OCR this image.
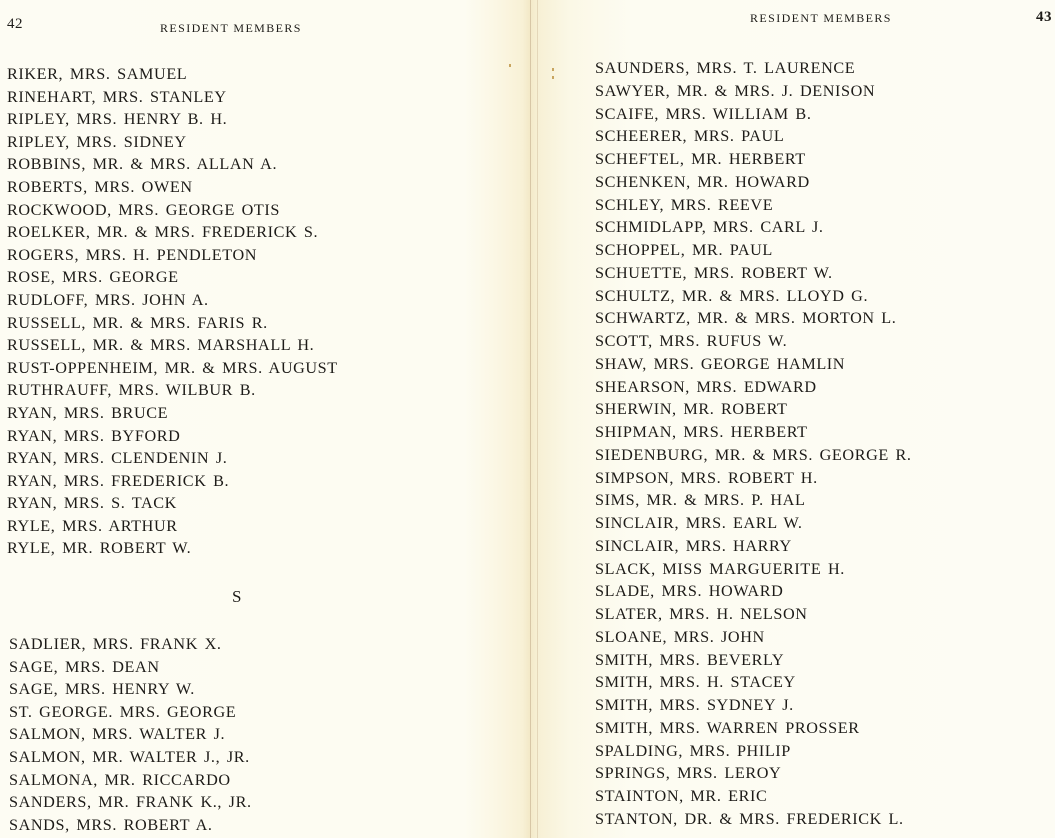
42	RESIDENT MEMBERS
RIKER, MRS. SAMUEL
RINEHART, MRS. STANLEY
RIPLEY, MRS. HENRY B. H.
RIPLEY, MRS. SIDNEY
ROBBINS, MR. & MRS. ALLAN A.
ROBERTS, MRS. OWEN
ROCKWOOD, MRS. GEORGE OTIS
ROELKER, MR. & MRS. FREDERICK S.
ROGERS, MRS. H. PENDLETON
ROSE, MRS. GEORGE
RUDLOFF, MRS. JOHN A.
RUSSELL, MR. & MRS. FARIS R.
RUSSELL, MR. & MRS. MARSHALL H.
RUST-OPPENHEIM, MR. & MRS. AUGUST
RUTHRAUFF, MRS. WILBUR B.
RYAN, MRS. BRUCE
RYAN, MRS. BYFORD
RYAN, MRS. CLENDENIN J.
RYAN, MRS. FREDERICK B.
RYAN, MRS. S. TACK
RYLE, MRS. ARTHUR
RYLE, MR. ROBERT W.
S
SADLIER, MRS. FRANK X.
SAGE, MRS. DEAN
SAGE, MRS. HENRY W.
ST. GEORGE. MRS. GEORGE
SALMON, MRS. WALTER J.
SALMON, MR. WALTER J., JR.
SALMONA, MR. RICCARDO
SANDERS, MR. FRANK K., JR.
SANDS, MRS. ROBERT A.
RESIDENT MEMBERS	43
SAUNDERS, MRS. T. LAURENCE
SAWYER, MR. & MRS. J. DENISON
SCAIFE, MRS. WILLIAM B.
SCHEERER, MRS. PAUL
SCHEFTEL, MR. HERBERT
SCHENKEN, MR. HOWARD
SCHLEY, MRS. REEVE
SCHMIDLAPP, MRS. CARL J.
SCHOPPEL, MR. PAUL
SCHUETTE, MRS. ROBERT W.
SCHULTZ, MR. & MRS. LLOYD G.
SCHWARTZ, MR. & MRS. MORTON L.
SCOTT, MRS. RUFUS W.
SHAW, MRS. GEORGE HAMLIN
SHEARSON, MRS. EDWARD
SHERWIN, MR. ROBERT
SHIPMAN, MRS. HERBERT
SIEDENBURG, MR. & MRS. GEORGE R.
SIMPSON, MRS. ROBERT H.
SIMS, MR. & MRS. P. HAL
SINCLAIR, MRS. EARL W.
SINCLAIR, MRS. HARRY
SLACK, MISS MARGUERITE H.
SLADE, MRS. HOWARD
SLATER, MRS. H. NELSON
SLOANE, MRS. JOHN
SMITH, MRS. BEVERLY
SMITH, MRS. H. STACEY
SMITH, MRS. SYDNEY J.
SMITH, MRS. WARREN PROSSER
SPALDING, MRS. PHILIP
SPRINGS, MRS. LEROY
STAINTON, MR. ERIC
STANTON, DR. & MRS. FREDERICK L.
